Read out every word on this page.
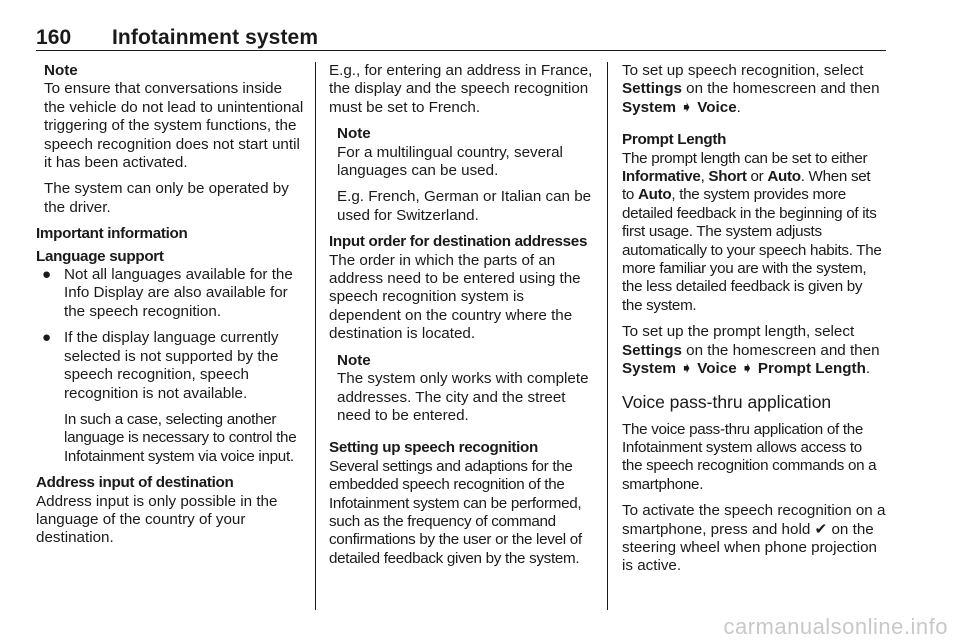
160 Infotainment system

Note

To ensure that conversations inside the vehicle do not lead to unintentional triggering of the system functions, the speech recognition does not start until it has been activated.

The system can only be operated by the driver.

Important information

Language support

● Not all languages available for the Info Display are also available for the speech recognition.
● If the display language currently selected is not supported by the speech recognition, speech recognition is not available.

In such a case, selecting another language is necessary to control the Infotainment system via voice input.

Address input of destination

Address input is only possible in the language of the country of your destination.

E.g., for entering an address in France, the display and the speech recognition must be set to French.

Note

For a multilingual country, several languages can be used.

E.g. French, German or Italian can be used for Switzerland.

Input order for destination addresses

The order in which the parts of an address need to be entered using the speech recognition system is dependent on the country where the destination is located.

Note

The system only works with complete addresses. The city and the street need to be entered.

Setting up speech recognition

Several settings and adaptions for the embedded speech recognition of the Infotainment system can be performed, such as the frequency of command confirmations by the user or the level of detailed feedback given by the system.

To set up speech recognition, select Settings on the homescreen and then System ➧ Voice.

Prompt Length

The prompt length can be set to either Informative, Short or Auto. When set to Auto, the system provides more detailed feedback in the beginning of its first usage. The system adjusts automatically to your speech habits. The more familiar you are with the system, the less detailed feedback is given by the system.

To set up the prompt length, select Settings on the homescreen and then System ➧ Voice ➧ Prompt Length.

Voice pass-thru application

The voice pass-thru application of the Infotainment system allows access to the speech recognition commands on a smartphone.

To activate the speech recognition on a smartphone, press and hold ✔ on the steering wheel when phone projection is active.

carmanualsonline.info
